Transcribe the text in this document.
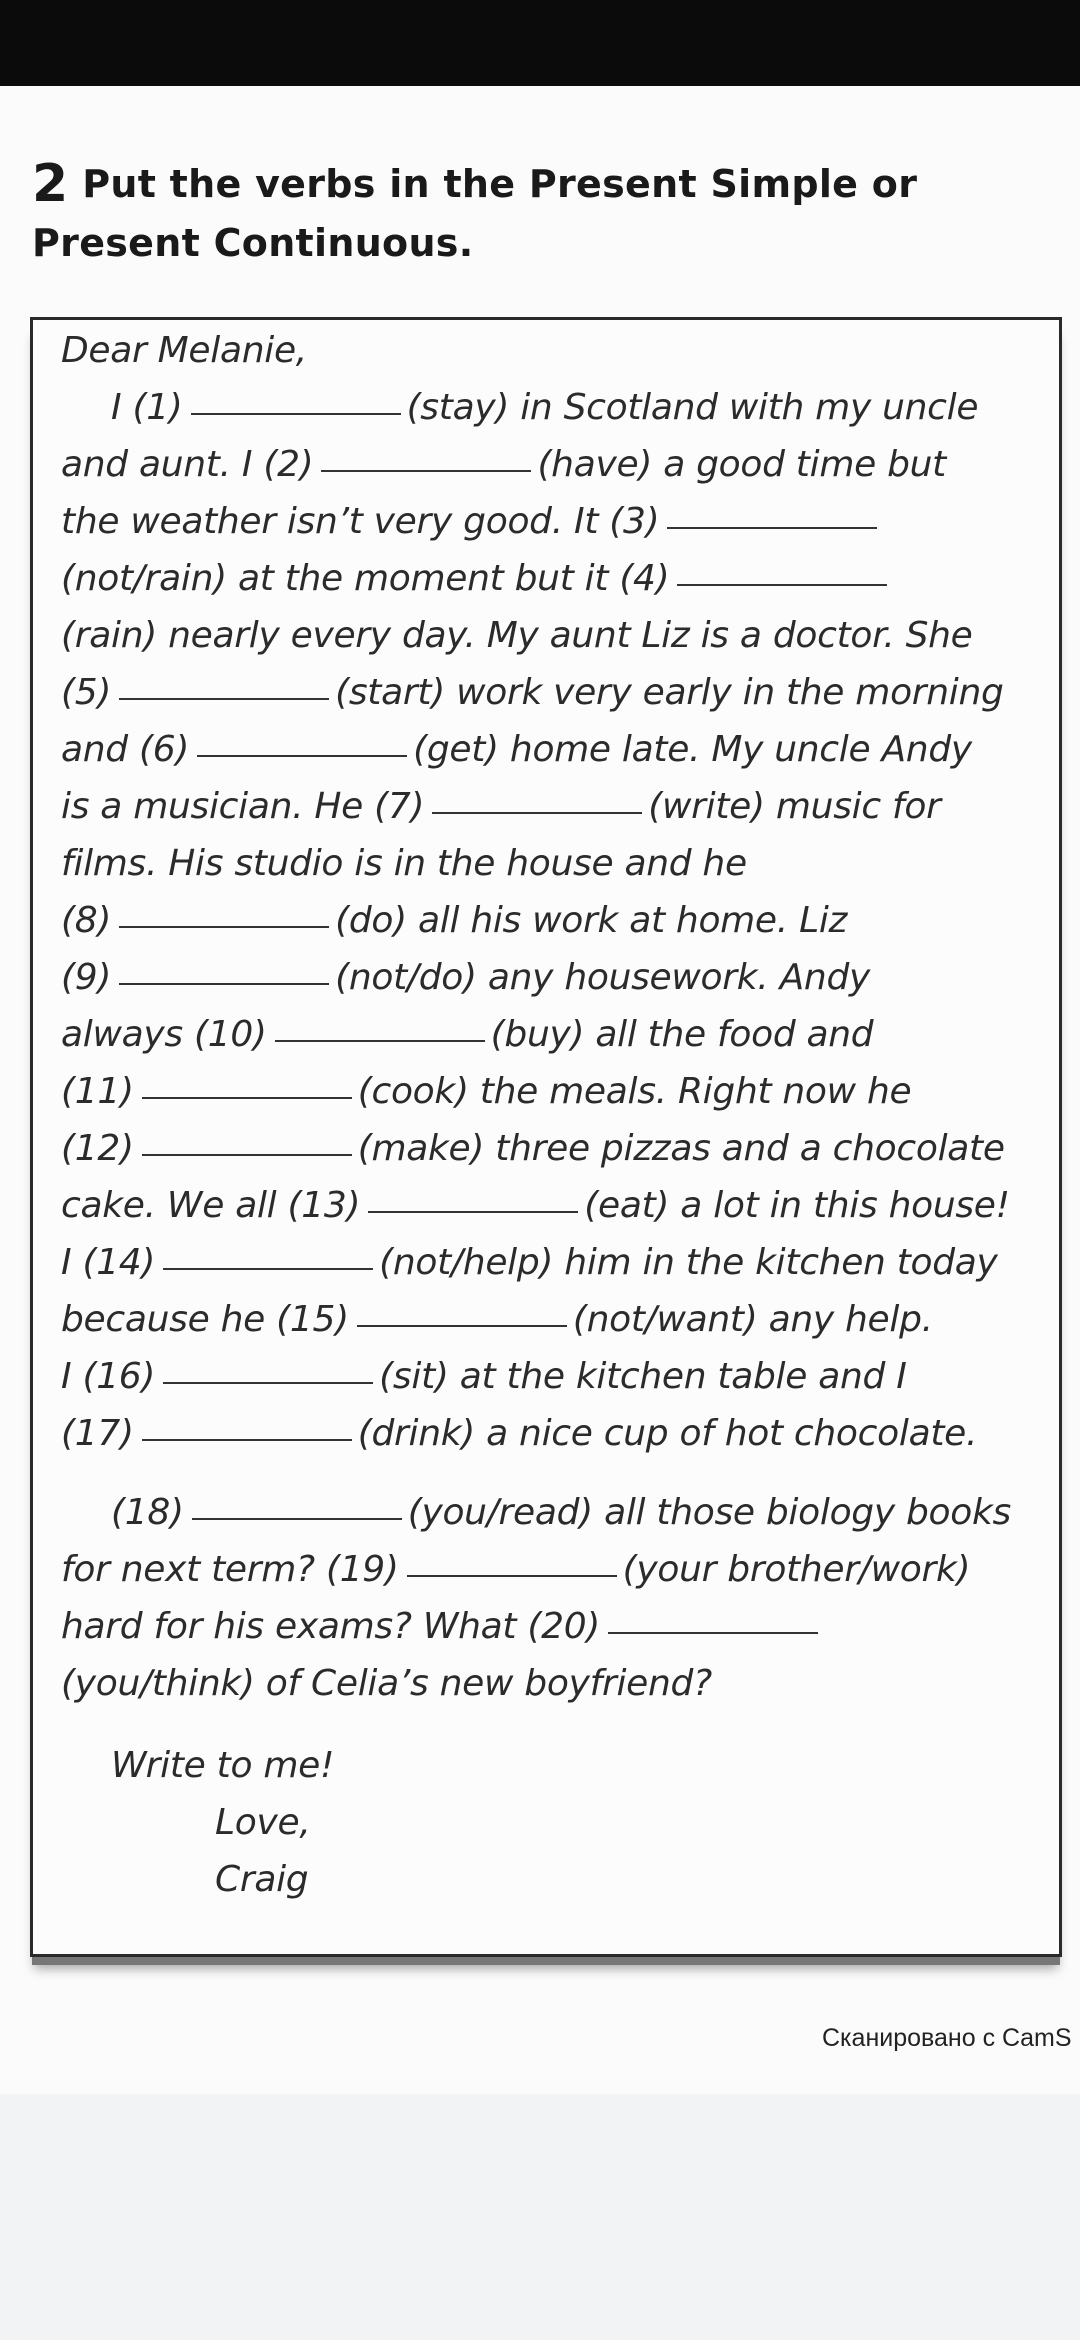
2 Put the verbs in the Present Simple or Present Continuous.
Dear Melanie,
I (1)	(stay) in Scotland with my uncle
and aunt. I (2)	(have) a good time but
the weather isn’t very good. It (3)
(not/rain) at the moment but it (4)
(rain) nearly every day. My aunt Liz is a doctor. She
(5)	(start) work very early in the morning
and (6)	(get) home late. My uncle Andy
is a musician. He (7)	(write) music for
films. His studio is in the house and he
(8)	(do) all his work at home. Liz
(9)	(not/do) any housework. Andy
always (10)	(buy) all the food and
(11)	(cook) the meals. Right now he
(12)	(make) three pizzas and a chocolate
cake. We all (13)	(eat) a lot in this house!
I (14)	(not/help) him in the kitchen today
because he (15)	(not/want) any help.
I (16)	(sit) at the kitchen table and I
(17)	(drink) a nice cup of hot chocolate.
(18)	(you/read) all those biology books
for next term? (19)	(your brother/work)
hard for his exams? What (20)
(you/think) of Celia’s new boyfriend?
Write to me!
Love,
Craig
Сканировано с CamS
